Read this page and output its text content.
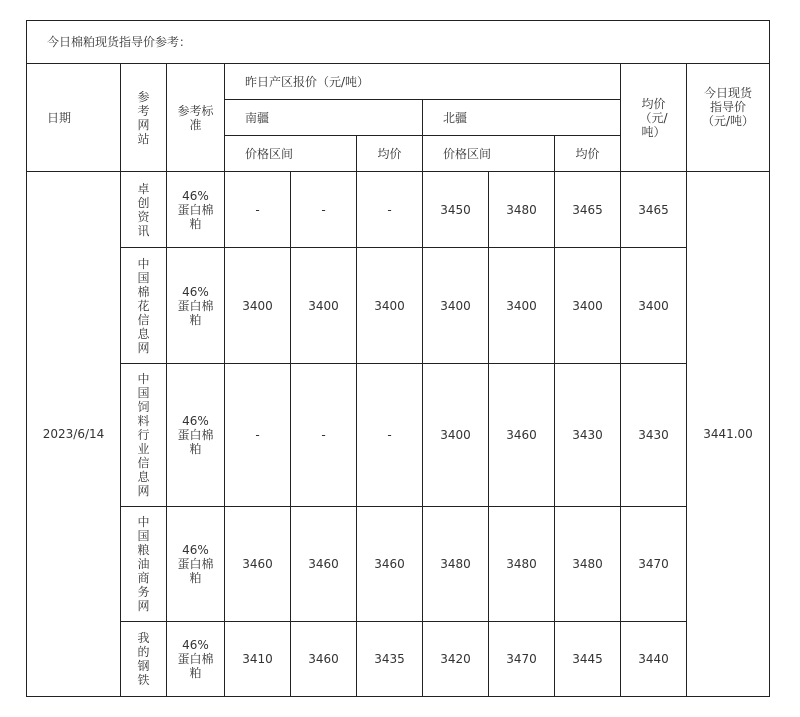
今日棉粕现货指导价参考：										
日期	参考网站	参考标准	昨日产区报价（元/吨）						均价（元/吨）	今日现货指导价（元/吨）
			南疆			北疆				
			价格区间		均价	价格区间		均价		
2023/6/14	卓创资讯	46%蛋白棉粕	-	-	-	3450	3480	3465	3465	3441.00
	中国棉花信息网	46%蛋白棉粕	3400	3400	3400	3400	3400	3400	3400	
	中国饲料行业信息网	46%蛋白棉粕	-	-	-	3400	3460	3430	3430	
	中国粮油商务网	46%蛋白棉粕	3460	3460	3460	3480	3480	3480	3470	
	我的钢铁	46%蛋白棉粕	3410	3460	3435	3420	3470	3445	3440	
